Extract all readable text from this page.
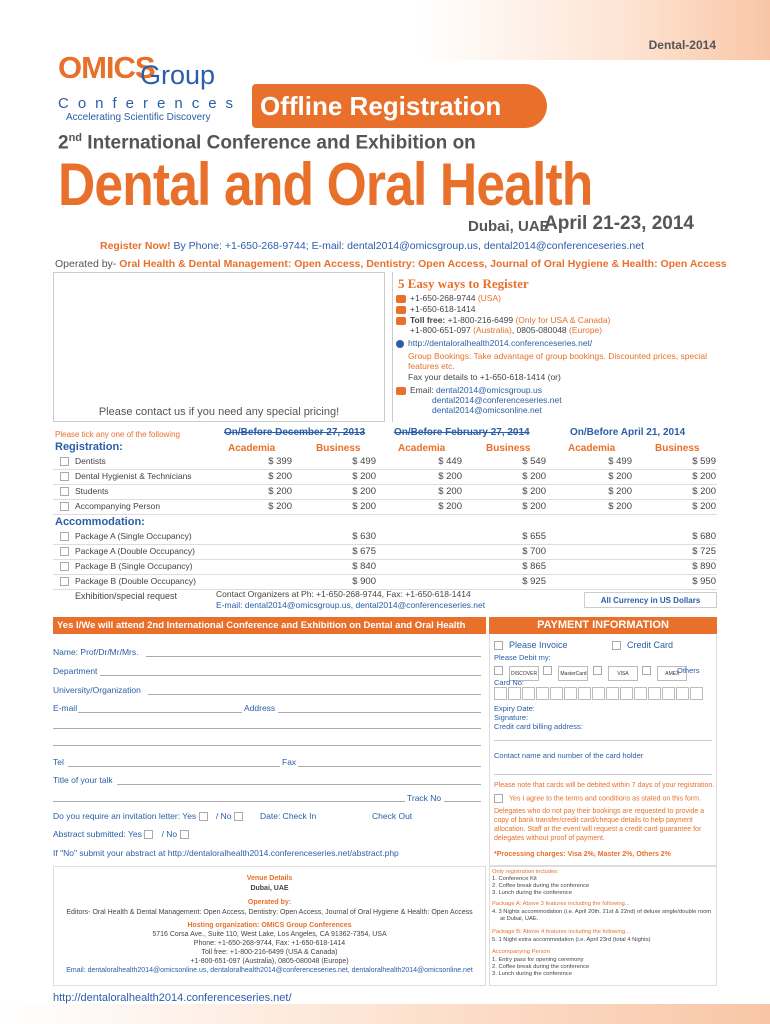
Dental-2014
OMICS
Group
Conferences
Accelerating Scientific Discovery	Offline Registration
2nd International Conference and Exhibition on
Dental and Oral Health
Dubai, UAE
April 21-23, 2014
Register Now! By Phone: +1-650-268-9744; E-mail: dental2014@omicsgroup.us, dental2014@conferenceseries.net
Operated by- Oral Health & Dental Management: Open Access, Dentistry: Open Access, Journal of Oral Hygiene & Health: Open Access
Please contact us if you need any special pricing!
5 Easy ways to Register
+1-650-268-9744 (USA)
+1-650-618-1414
Toll free: +1-800-216-6499 (Only for USA & Canada)
+1-800-651-097 (Australia), 0805-080048 (Europe)
http://dentaloralhealth2014.conferenceseries.net/
Group Bookings: Take advantage of group bookings. Discounted prices, special
features etc.
Fax your details to +1-650-618-1414 (or)
Email: dental2014@omicsgroup.us
dental2014@conferenceseries.net
dental2014@omicsonline.net
Please tick any one of the following
Registration:
On/Before December 27, 2013	On/Before February 27, 2014	On/Before April 21, 2014
Academia	Business	Academia	Business	Academia	Business
Dentists	$ 399	$ 499	$ 449	$ 549	$ 499	$ 599
Dental Hygienist & Technicians	$ 200	$ 200	$ 200	$ 200	$ 200	$ 200
Students	$ 200	$ 200	$ 200	$ 200	$ 200	$ 200
Accompanying Person	$ 200	$ 200	$ 200	$ 200	$ 200	$ 200
Accommodation:
Package A (Single Occupancy)	$ 630	$ 655	$ 680
Package A (Double Occupancy)	$ 675	$ 700	$ 725
Package B (Single Occupancy)	$ 840	$ 865	$ 890
Package B (Double Occupancy)	$ 900	$ 925	$ 950
Exhibition/special request	Contact Organizers at Ph: +1-650-268-9744, Fax: +1-650-618-1414
E-mail: dental2014@omicsgroup.us, dental2014@conferenceseries.net	All Currency in US Dollars
Yes I/We will attend 2nd International Conference and Exhibition on Dental and Oral Health	PAYMENT INFORMATION
Name: Prof/Dr/Mr/Mrs.
Department
University/Organization
E-mail	Address
Tel	Fax
Title of your talk
Track No
Do you require an invitation letter: Yes  / No	Date: Check In	Check Out
Abstract submitted: Yes  / No
If "No" submit your abstract at http://dentaloralhealth2014.conferenceseries.net/abstract.php
Please Invoice	Credit Card
Please Debit my:
DISCOVER	MasterCard	VISA	AMEX
Others
Card No:
Expiry Date:
Signature:
Credit card billing address:
Contact name and number of the card holder
Please note that cards will be debited within 7 days of your registration.
Yes I agree to the terms and conditions as stated on this form.
Delegates who do not pay their bookings are requested to provide a copy of bank transfer/credit card/cheque details to help payment allocation. Staff at the event will request a credit card guarantee for delegates without proof of payment.
*Processing charges: Visa 2%, Master 2%, Others 2%
Venue Details
Dubai, UAE
Operated by:
Editors- Oral Health & Dental Management: Open Access, Dentistry: Open Access, Journal of Oral Hygiene & Health: Open Access
Hosting organization: OMICS Group Conferences
5716 Corsa Ave., Suite 110, West Lake, Los Angeles, CA 91362-7354, USA
Phone: +1-650-268-9744, Fax: +1-650-618-1414
Toll free: +1-800-216-6499 (USA & Canada)
+1-800-651-097 (Australia), 0805-080048 (Europe)
Email: dentaloralhealth2014@omicsonline.us, dentaloralhealth2014@conferenceseries.net, dentaloralhealth2014@omicsonline.net
Only registration includes:
1. Conference Kit
2. Coffee break during the conference
3. Lunch during the conference
Package A: Above 3 features including the following...
4. 3 Nights accommodation (i.e. April 20th, 21st & 22nd) of deluxe single/double room
at Dubai, UAE.
Package B: Above 4 features including the following...
5. 1 Night extra accommodation (i.e. April 23rd (total 4 Nights)
Accompanying Person
1. Entry pass for opening ceremony
2. Coffee break during the conference
3. Lunch during the conference
http://dentaloralhealth2014.conferenceseries.net/
